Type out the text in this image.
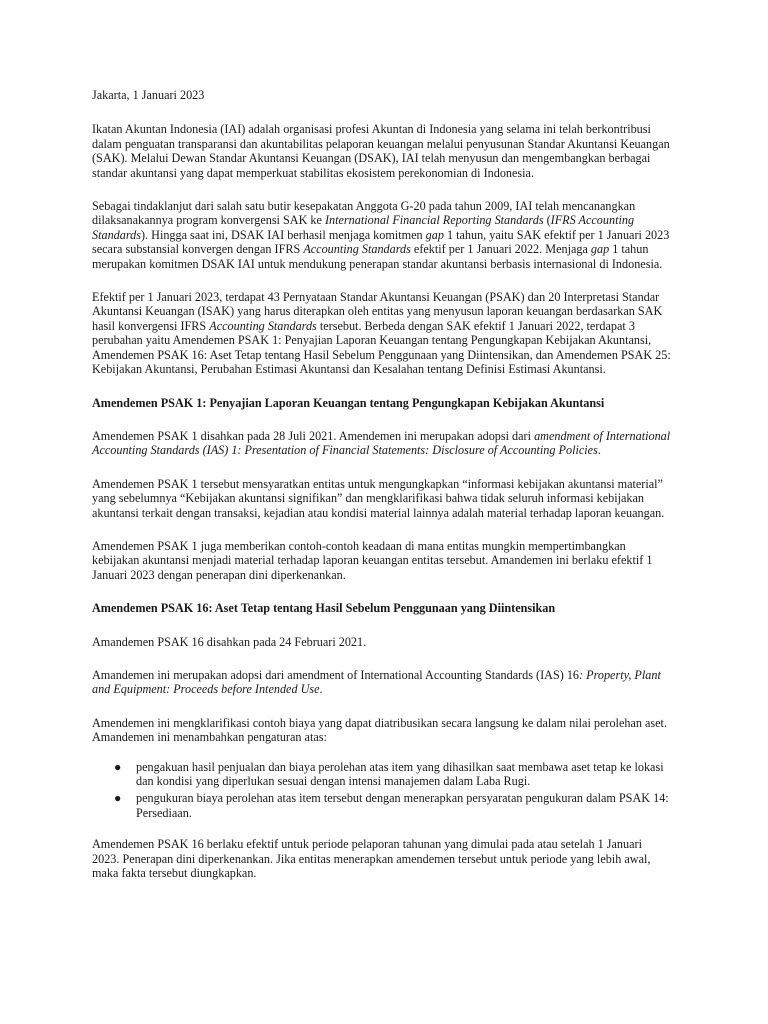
Jakarta, 1 Januari 2023

Ikatan Akuntan Indonesia (IAI) adalah organisasi profesi Akuntan di Indonesia yang selama ini telah berkontribusi dalam penguatan transparansi dan akuntabilitas pelaporan keuangan melalui penyusunan Standar Akuntansi Keuangan (SAK). Melalui Dewan Standar Akuntansi Keuangan (DSAK), IAI telah menyusun dan mengembangkan berbagai standar akuntansi yang dapat memperkuat stabilitas ekosistem perekonomian di Indonesia.

Sebagai tindaklanjut dari salah satu butir kesepakatan Anggota G-20 pada tahun 2009, IAI telah mencanangkan dilaksanakannya program konvergensi SAK ke International Financial Reporting Standards (IFRS Accounting Standards). Hingga saat ini, DSAK IAI berhasil menjaga komitmen gap 1 tahun, yaitu SAK efektif per 1 Januari 2023 secara substansial konvergen dengan IFRS Accounting Standards efektif per 1 Januari 2022. Menjaga gap 1 tahun merupakan komitmen DSAK IAI untuk mendukung penerapan standar akuntansi berbasis internasional di Indonesia.

Efektif per 1 Januari 2023, terdapat 43 Pernyataan Standar Akuntansi Keuangan (PSAK) dan 20 Interpretasi Standar Akuntansi Keuangan (ISAK) yang harus diterapkan oleh entitas yang menyusun laporan keuangan berdasarkan SAK hasil konvergensi IFRS Accounting Standards tersebut. Berbeda dengan SAK efektif 1 Januari 2022, terdapat 3 perubahan yaitu Amendemen PSAK 1: Penyajian Laporan Keuangan tentang Pengungkapan Kebijakan Akuntansi, Amendemen PSAK 16: Aset Tetap tentang Hasil Sebelum Penggunaan yang Diintensikan, dan Amendemen PSAK 25: Kebijakan Akuntansi, Perubahan Estimasi Akuntansi dan Kesalahan tentang Definisi Estimasi Akuntansi.

Amendemen PSAK 1: Penyajian Laporan Keuangan tentang Pengungkapan Kebijakan Akuntansi

Amendemen PSAK 1 disahkan pada 28 Juli 2021. Amendemen ini merupakan adopsi dari amendment of International Accounting Standards (IAS) 1: Presentation of Financial Statements: Disclosure of Accounting Policies.

Amendemen PSAK 1 tersebut mensyaratkan entitas untuk mengungkapkan “informasi kebijakan akuntansi material” yang sebelumnya “Kebijakan akuntansi signifikan” dan mengklarifikasi bahwa tidak seluruh informasi kebijakan akuntansi terkait dengan transaksi, kejadian atau kondisi material lainnya adalah material terhadap laporan keuangan.

Amendemen PSAK 1 juga memberikan contoh-contoh keadaan di mana entitas mungkin mempertimbangkan kebijakan akuntansi menjadi material terhadap laporan keuangan entitas tersebut. Amandemen ini berlaku efektif 1 Januari 2023 dengan penerapan dini diperkenankan.

Amendemen PSAK 16: Aset Tetap tentang Hasil Sebelum Penggunaan yang Diintensikan

Amandemen PSAK 16 disahkan pada 24 Februari 2021.

Amandemen ini merupakan adopsi dari amendment of International Accounting Standards (IAS) 16: Property, Plant and Equipment: Proceeds before Intended Use.

Amendemen ini mengklarifikasi contoh biaya yang dapat diatribusikan secara langsung ke dalam nilai perolehan aset. Amandemen ini menambahkan pengaturan atas:

● pengakuan hasil penjualan dan biaya perolehan atas item yang dihasilkan saat membawa aset tetap ke lokasi dan kondisi yang diperlukan sesuai dengan intensi manajemen dalam Laba Rugi.
● pengukuran biaya perolehan atas item tersebut dengan menerapkan persyaratan pengukuran dalam PSAK 14: Persediaan.

Amendemen PSAK 16 berlaku efektif untuk periode pelaporan tahunan yang dimulai pada atau setelah 1 Januari 2023. Penerapan dini diperkenankan. Jika entitas menerapkan amendemen tersebut untuk periode yang lebih awal, maka fakta tersebut diungkapkan.
